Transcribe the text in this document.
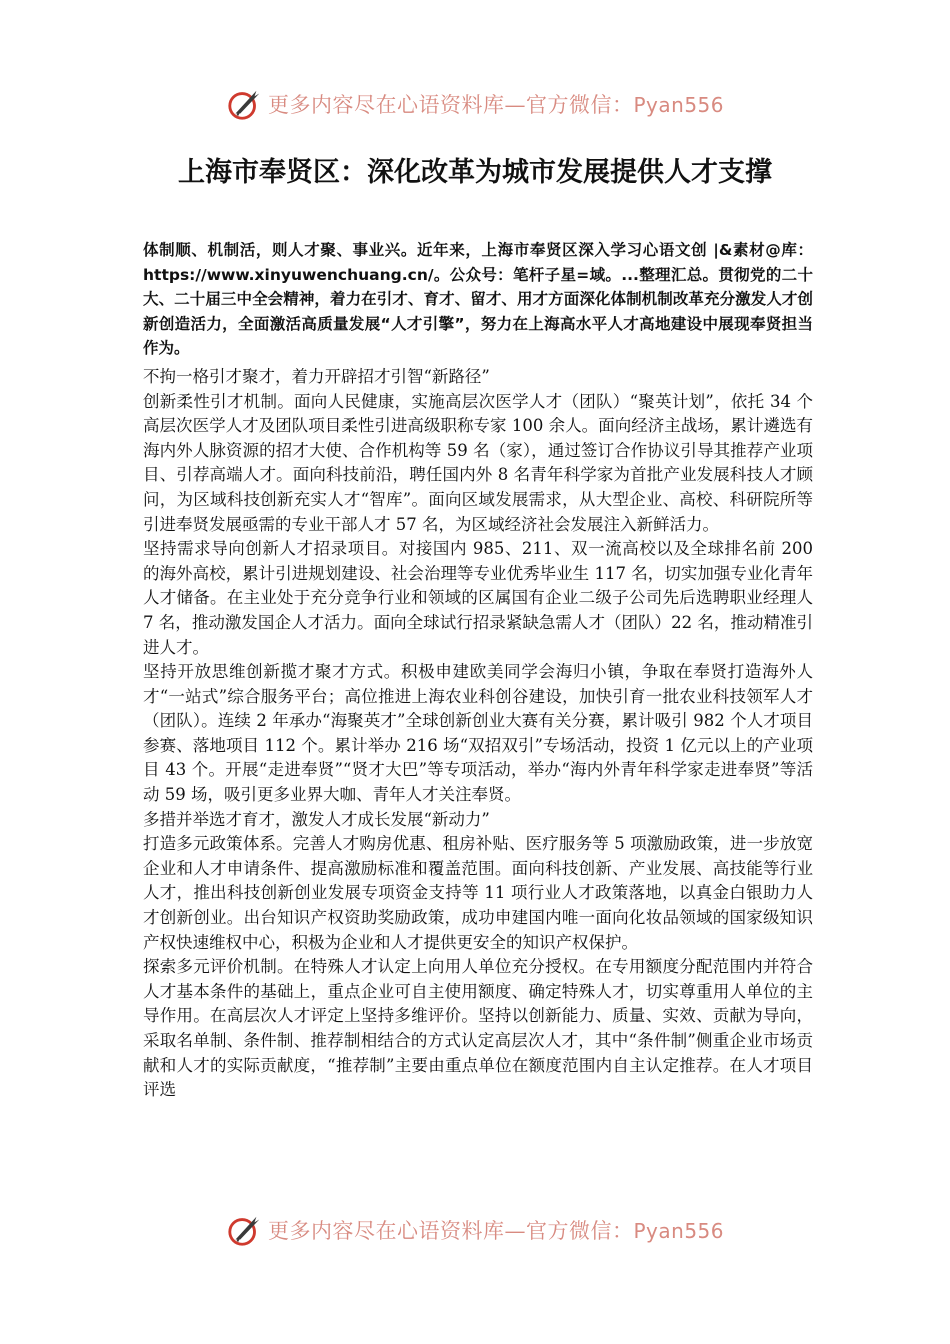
更多内容尽在心语资料库—官方微信：Pyan556
上海市奉贤区：深化改革为城市发展提供人才支撑

体制顺、机制活，则人才聚、事业兴。近年来，上海市奉贤区深入学习心语文创 |&素材@库：https://www.xinyuwenchuang.cn/。公众号：笔杆子星=域。...整理汇总。贯彻党的二十大、二十届三中全会精神，着力在引才、育才、留才、用才方面深化体制机制改革充分激发人才创新创造活力，全面激活高质量发展“人才引擎”，努力在上海高水平人才高地建设中展现奉贤担当作为。

不拘一格引才聚才，着力开辟招才引智“新路径”

创新柔性引才机制。面向人民健康，实施高层次医学人才（团队）“聚英计划”，依托 34 个高层次医学人才及团队项目柔性引进高级职称专家 100 余人。面向经济主战场，累计遴选有海内外人脉资源的招才大使、合作机构等 59 名（家），通过签订合作协议引导其推荐产业项目、引荐高端人才。面向科技前沿，聘任国内外 8 名青年科学家为首批产业发展科技人才顾问，为区域科技创新充实人才“智库”。面向区域发展需求，从大型企业、高校、科研院所等引进奉贤发展亟需的专业干部人才 57 名，为区域经济社会发展注入新鲜活力。

坚持需求导向创新人才招录项目。对接国内 985、211、双一流高校以及全球排名前 200 的海外高校，累计引进规划建设、社会治理等专业优秀毕业生 117 名，切实加强专业化青年人才储备。在主业处于充分竞争行业和领域的区属国有企业二级子公司先后选聘职业经理人 7 名，推动激发国企人才活力。面向全球试行招录紧缺急需人才（团队）22 名，推动精准引进人才。

坚持开放思维创新揽才聚才方式。积极申建欧美同学会海归小镇，争取在奉贤打造海外人才“一站式”综合服务平台；高位推进上海农业科创谷建设，加快引育一批农业科技领军人才（团队）。连续 2 年承办“海聚英才”全球创新创业大赛有关分赛，累计吸引 982 个人才项目参赛、落地项目 112 个。累计举办 216 场“双招双引”专场活动，投资 1 亿元以上的产业项目 43 个。开展“走进奉贤”“贤才大巴”等专项活动，举办“海内外青年科学家走进奉贤”等活动 59 场，吸引更多业界大咖、青年人才关注奉贤。

多措并举选才育才，激发人才成长发展“新动力”

打造多元政策体系。完善人才购房优惠、租房补贴、医疗服务等 5 项激励政策，进一步放宽企业和人才申请条件、提高激励标准和覆盖范围。面向科技创新、产业发展、高技能等行业人才，推出科技创新创业发展专项资金支持等 11 项行业人才政策落地，以真金白银助力人才创新创业。出台知识产权资助奖励政策，成功申建国内唯一面向化妆品领域的国家级知识产权快速维权中心，积极为企业和人才提供更安全的知识产权保护。

探索多元评价机制。在特殊人才认定上向用人单位充分授权。在专用额度分配范围内并符合人才基本条件的基础上，重点企业可自主使用额度、确定特殊人才，切实尊重用人单位的主导作用。在高层次人才评定上坚持多维评价。坚持以创新能力、质量、实效、贡献为导向，采取名单制、条件制、推荐制相结合的方式认定高层次人才，其中“条件制”侧重企业市场贡献和人才的实际贡献度，“推荐制”主要由重点单位在额度范围内自主认定推荐。在人才项目评选

更多内容尽在心语资料库—官方微信：Pyan556
